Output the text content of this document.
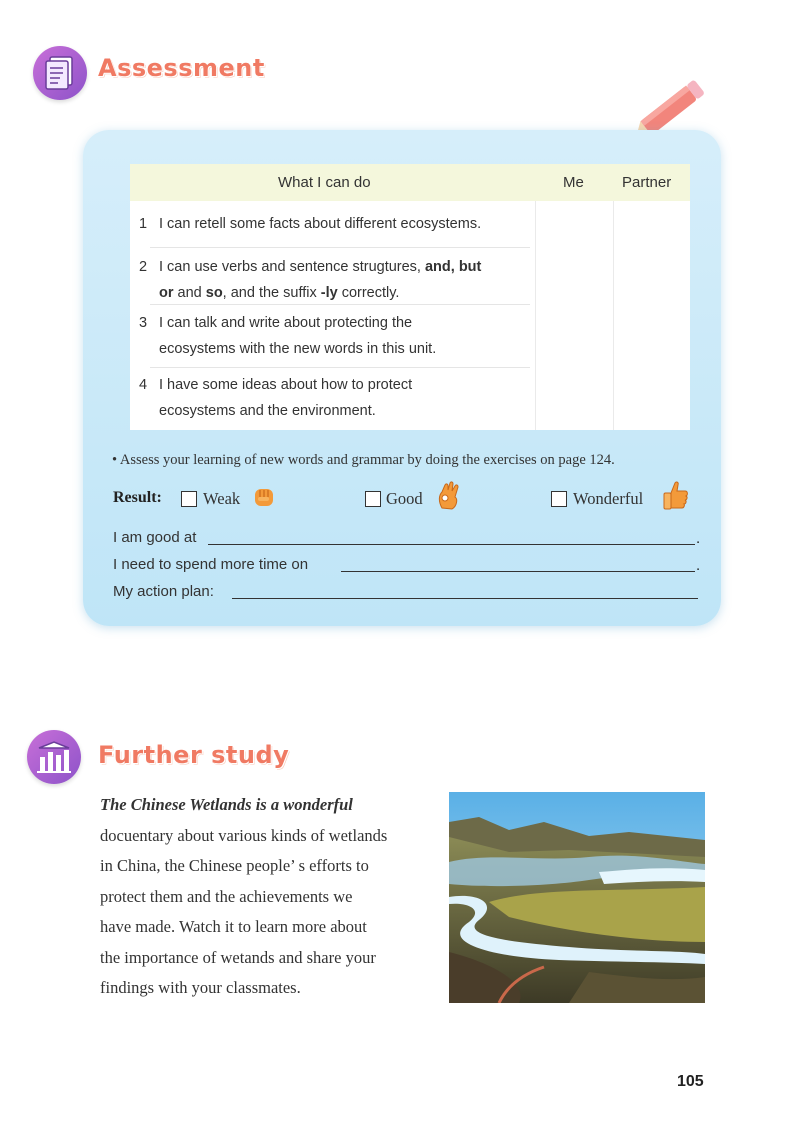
Assessment
What I can do	Me	Partner
1 I can retell some facts about different ecosystems.
2 I can use verbs and sentence strugtures, and, but
or and so, and the suffix -ly correctly.
3 I can talk and write about protecting the
ecosystems with the new words in this unit.
4 I have some ideas about how to protect
ecosystems and the environment.
• Assess your learning of new words and grammar by doing the exercises on page 124.
Result: Weak	Good	Wonderful
I am good at	.
I need to spend more time on	.
My action plan:
Further study
The Chinese Wetlands is a wonderful
docuentary about various kinds of wetlands
in China, the Chinese people’ s efforts to
protect them and the achievements we
have made. Watch it to learn more about
the importance of wetands and share your
findings with your classmates.
105
